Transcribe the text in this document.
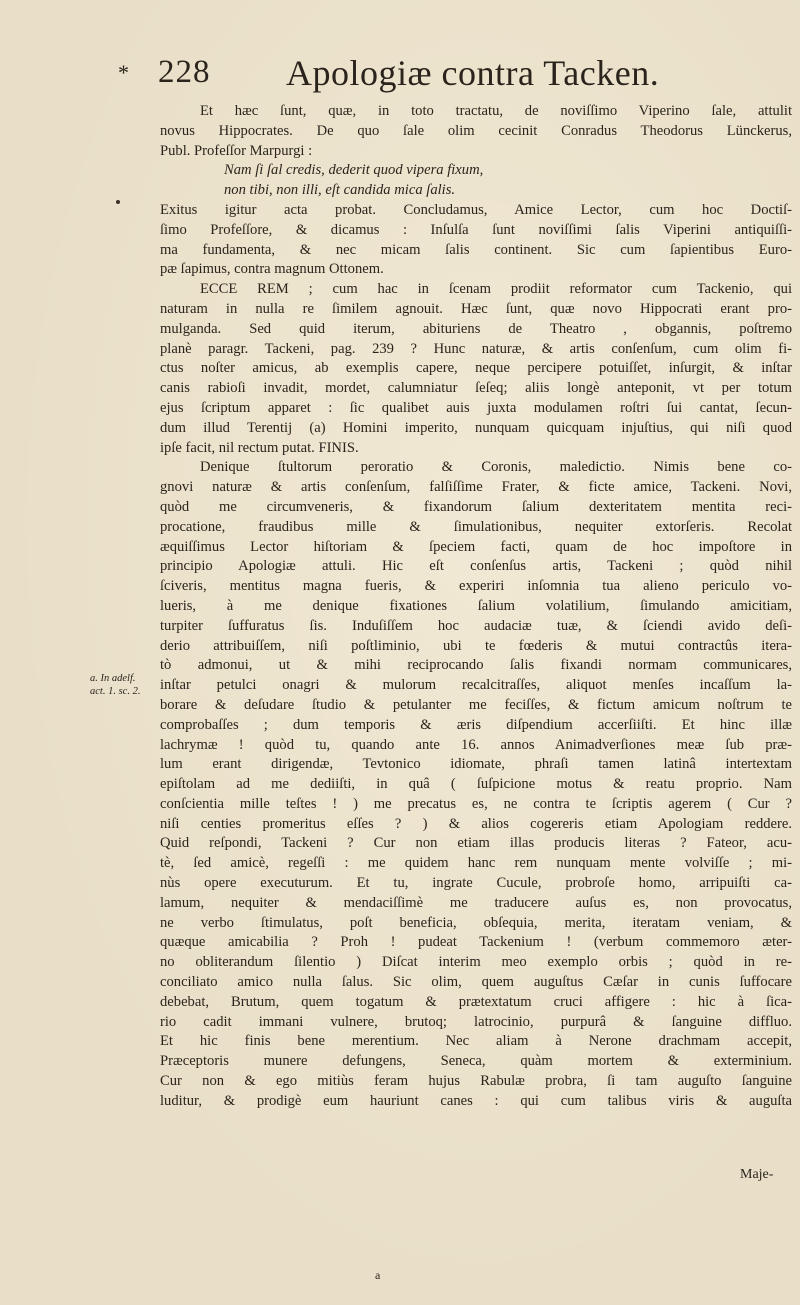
* 228 Apologiæ contra Tacken.
a. In adelf.
act. 1. sc. 2.
Et hæc ſunt, quæ, in toto tractatu, de noviſſimo Viperino ſale, attulit
novus Hippocrates. De quo ſale olim cecinit Conradus Theodorus Lünckerus,
Publ. Profeſſor Marpurgi :
Nam ſi ſal credis, dederit quod vipera fixum,
non tibi, non illi, eſt candida mica ſalis.
Exitus igitur acta probat. Concludamus, Amice Lector, cum hoc Doctiſ-
ſimo Profeſſore, & dicamus : Inſulſa ſunt noviſſimi ſalis Viperini antiquiſſi-
ma fundamenta, & nec micam ſalis continent. Sic cum ſapientibus Euro-
pæ ſapimus, contra magnum Ottonem.
ECCE REM ; cum hac in ſcenam prodiit reformator cum Tackenio, qui
naturam in nulla re ſimilem agnouit. Hæc ſunt, quæ novo Hippocrati erant pro-
mulganda. Sed quid iterum, abituriens de Theatro , obgannis, poſtremo
planè paragr. Tackeni, pag. 239 ? Hunc naturæ, & artis conſenſum, cum olim fi-
ctus noſter amicus, ab exemplis capere, neque percipere potuiſſet, inſurgit, & inſtar
canis rabioſi invadit, mordet, calumniatur ſeſeq; aliis longè anteponit, vt per totum
ejus ſcriptum apparet : ſic qualibet auis juxta modulamen roſtri ſui cantat, ſecun-
dum illud Terentij (a) Homini imperito, nunquam quicquam injuſtius, qui niſi quod
ipſe facit, nil rectum putat. FINIS.
Denique ſtultorum peroratio & Coronis, maledictio. Nimis bene co-
gnovi naturæ & artis conſenſum, falſiſſime Frater, & ficte amice, Tackeni. Novi,
quòd me circumveneris, & fixandorum ſalium dexteritatem mentita reci-
procatione, fraudibus mille & ſimulationibus, nequiter extorſeris. Recolat
æquiſſimus Lector hiſtoriam & ſpeciem facti, quam de hoc impoſtore in
principio Apologiæ attuli. Hic eſt conſenſus artis, Tackeni ; quòd nihil
ſciveris, mentitus magna fueris, & experiri inſomnia tua alieno periculo vo-
lueris, à me denique fixationes ſalium volatilium, ſimulando amicitiam,
turpiter ſuffuratus ſis. Induſiſſem hoc audaciæ tuæ, & ſciendi avido deſi-
derio attribuiſſem, niſi poſtliminio, ubi te fœderis & mutui contractûs itera-
tò admonui, ut & mihi reciprocando ſalis fixandi normam communicares,
inſtar petulci onagri & mulorum recalcitraſſes, aliquot menſes incaſſum la-
borare & deſudare ſtudio & petulanter me feciſſes, & fictum amicum noſtrum te
comprobaſſes ; dum temporis & æris diſpendium accerſiiſti. Et hinc illæ
lachrymæ ! quòd tu, quando ante 16. annos Animadverſiones meæ ſub præ-
lum erant dirigendæ, Tevtonico idiomate, phraſi tamen latinâ intertextam
epiſtolam ad me dediiſti, in quâ ( ſuſpicione motus & reatu proprio. Nam
conſcientia mille teſtes ! ) me precatus es, ne contra te ſcriptis agerem ( Cur ?
niſi centies promeritus eſſes ? ) & alios cogereris etiam Apologiam reddere.
Quid reſpondi, Tackeni ? Cur non etiam illas producis literas ? Fateor, acu-
tè, ſed amicè, regeſſi : me quidem hanc rem nunquam mente volviſſe ; mi-
nùs opere executurum. Et tu, ingrate Cucule, probroſe homo, arripuiſti ca-
lamum, nequiter & mendaciſſimè me traducere auſus es, non provocatus,
ne verbo ſtimulatus, poſt beneficia, obſequia, merita, iteratam veniam, &
quæque amicabilia ? Proh ! pudeat Tackenium ! (verbum commemoro æter-
no obliterandum ſilentio ) Diſcat interim meo exemplo orbis ; quòd in re-
conciliato amico nulla ſalus. Sic olim, quem auguſtus Cæſar in cunis ſuffocare
debebat, Brutum, quem togatum & prætextatum cruci affigere : hic à ſica-
rio cadit immani vulnere, brutoq; latrocinio, purpurâ & ſanguine diffluo.
Et hic finis bene merentium. Nec aliam à Nerone drachmam accepit,
Præceptoris munere defungens, Seneca, quàm mortem & exterminium.
Cur non & ego mitiùs feram hujus Rabulæ probra, ſi tam auguſto ſanguine
luditur, & prodigè eum hauriunt canes : qui cum talibus viris & auguſta
Maje-
a
